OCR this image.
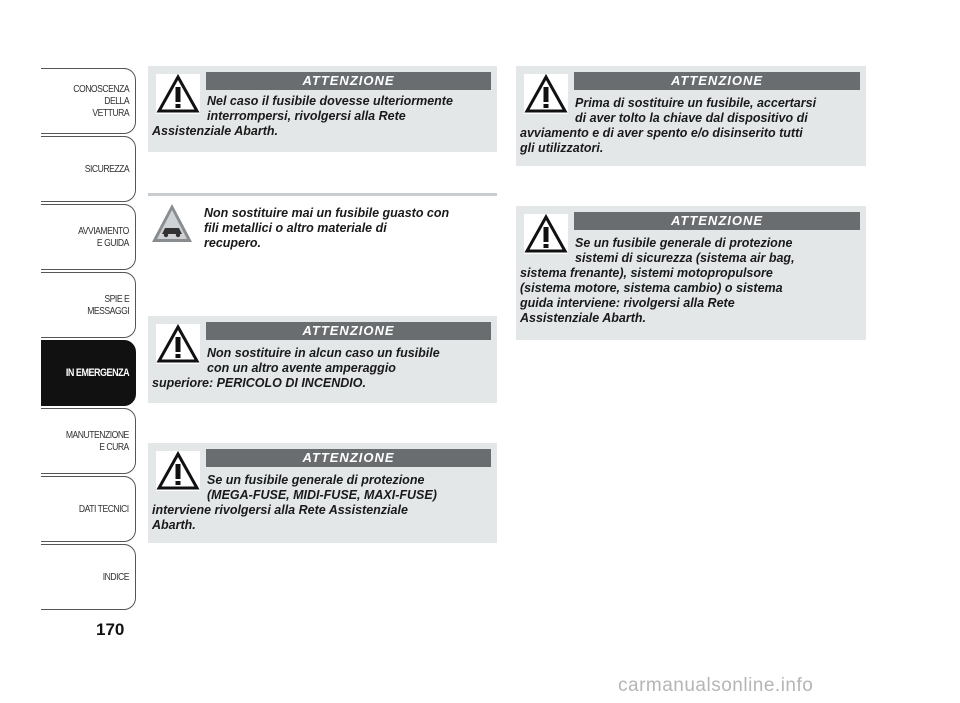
CONOSCENZA
DELLA
VETTURA
SICUREZZA
AVVIAMENTO
E GUIDA
SPIE E
MESSAGGI
IN EMERGENZA
MANUTENZIONE
E CURA
DATI TECNICI
INDICE
170
ATTENZIONE
Nel caso il fusibile dovesse ulteriormente
interrompersi, rivolgersi alla Rete
Assistenziale Abarth.
Non sostituire mai un fusibile guasto con
fili metallici o altro materiale di
recupero.
ATTENZIONE
Non sostituire in alcun caso un fusibile
con un altro avente amperaggio
superiore: PERICOLO DI INCENDIO.
ATTENZIONE
Se un fusibile generale di protezione
(MEGA-FUSE, MIDI-FUSE, MAXI-FUSE)
interviene rivolgersi alla Rete Assistenziale
Abarth.
ATTENZIONE
Prima di sostituire un fusibile, accertarsi
di aver tolto la chiave dal dispositivo di
avviamento e di aver spento e/o disinserito tutti
gli utilizzatori.
ATTENZIONE
Se un fusibile generale di protezione
sistemi di sicurezza (sistema air bag,
sistema frenante), sistemi motopropulsore
(sistema motore, sistema cambio) o sistema
guida interviene: rivolgersi alla Rete
Assistenziale Abarth.
carmanualsonline.info
